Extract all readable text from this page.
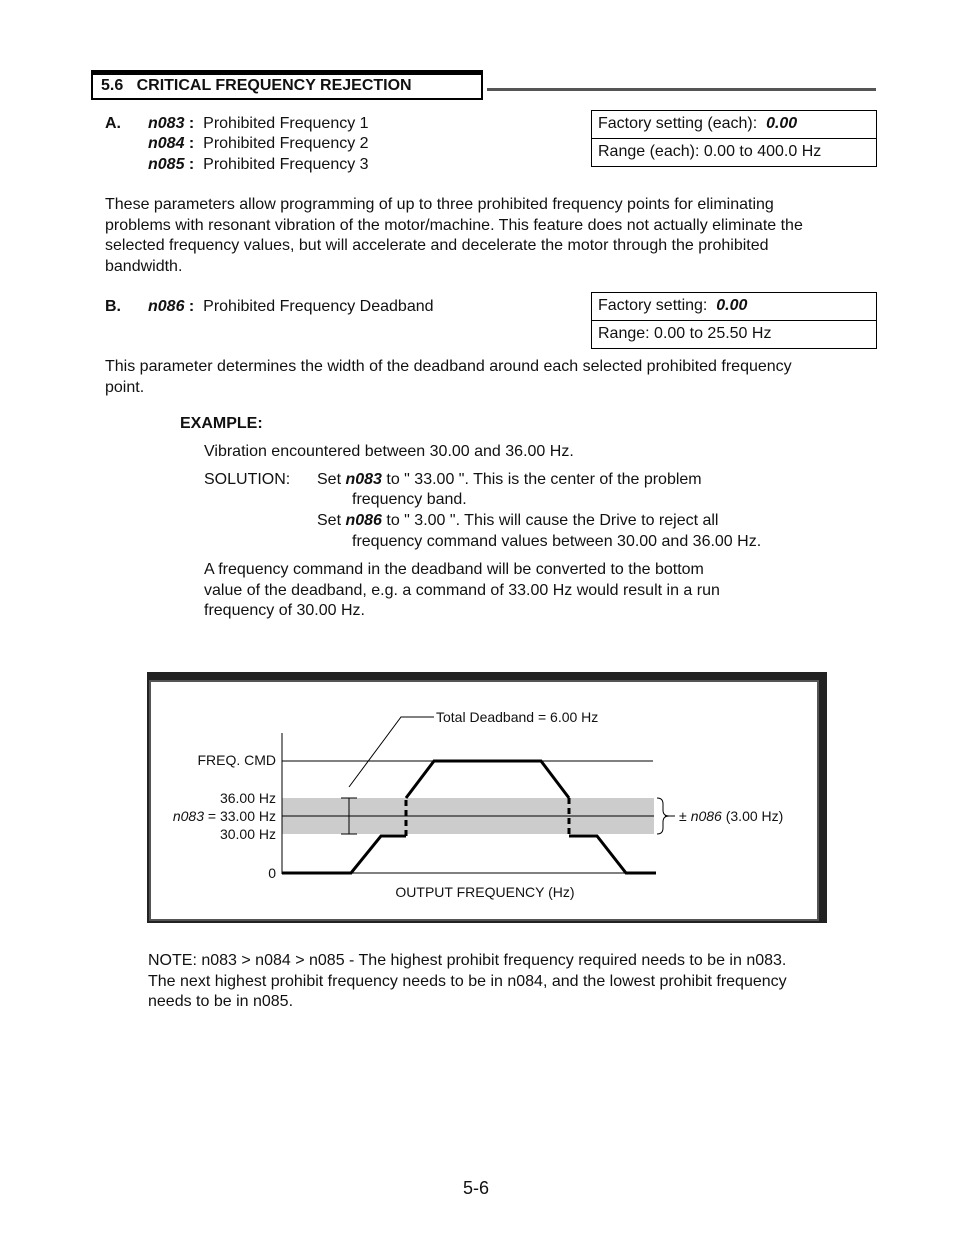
5.6 CRITICAL FREQUENCY REJECTION
A. n083 : Prohibited Frequency 1
n084 : Prohibited Frequency 2
n085 : Prohibited Frequency 3
Factory setting (each): 0.00
Range (each): 0.00 to 400.0 Hz
These parameters allow programming of up to three prohibited frequency points for eliminating
problems with resonant vibration of the motor/machine. This feature does not actually eliminate the
selected frequency values, but will accelerate and decelerate the motor through the prohibited
bandwidth.
B. n086 : Prohibited Frequency Deadband	Factory setting: 0.00
Range: 0.00 to 25.50 Hz
This parameter determines the width of the deadband around each selected prohibited frequency
point.
EXAMPLE:
Vibration encountered between 30.00 and 36.00 Hz.
SOLUTION: Set n083 to " 33.00 ". This is the center of the problem
frequency band.
Set n086 to " 3.00 ". This will cause the Drive to reject all
frequency command values between 30.00 and 36.00 Hz.
A frequency command in the deadband will be converted to the bottom
value of the deadband, e.g. a command of 33.00 Hz would result in a run
frequency of 30.00 Hz.
Total Deadband = 6.00 Hz
FREQ. CMD
36.00 Hz
n083 = 33.00 Hz
30.00 Hz
0
OUTPUT FREQUENCY (Hz)
± n086 (3.00 Hz)
NOTE: n083 > n084 > n085 - The highest prohibit frequency required needs to be in n083.
The next highest prohibit frequency needs to be in n084, and the lowest prohibit frequency
needs to be in n085.
5-6
